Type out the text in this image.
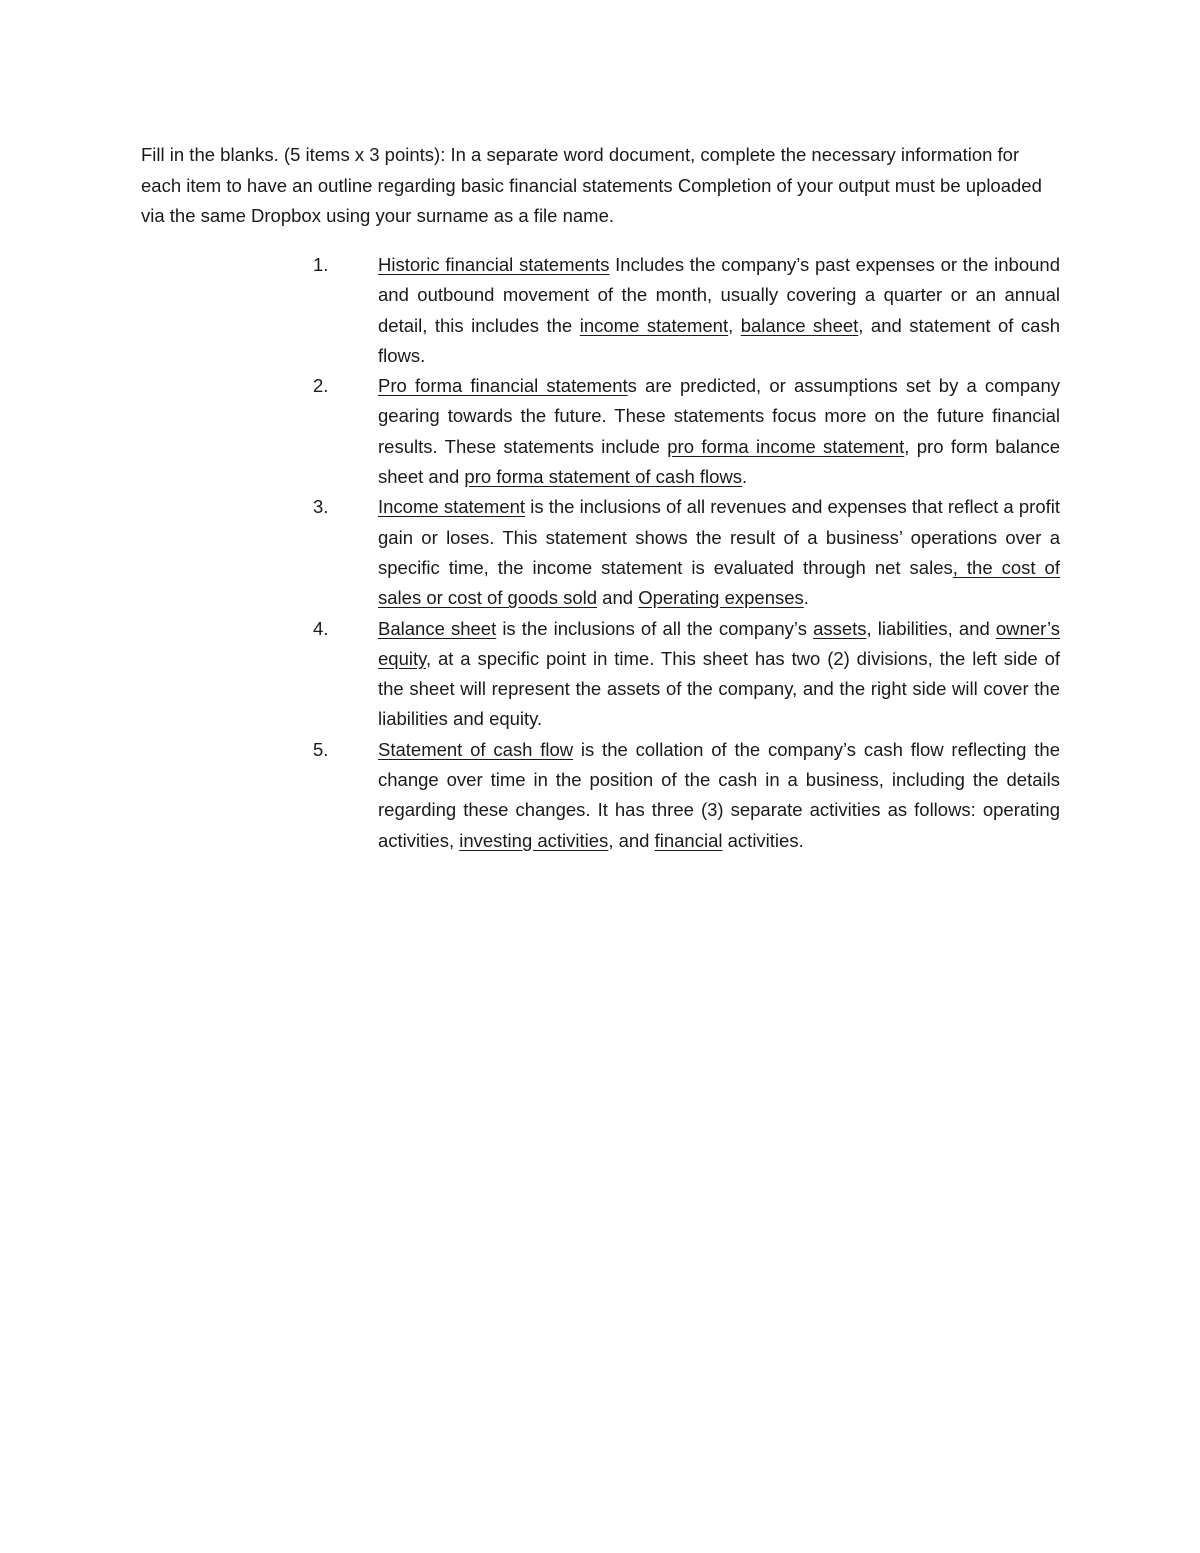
Fill in the blanks. (5 items x 3 points): In a separate word document, complete the necessary information for each item to have an outline regarding basic financial statements Completion of your output must be uploaded via the same Dropbox using your surname as a file name.

1.	Historic financial statements Includes the company’s past expenses or the inbound and outbound movement of the month, usually covering a quarter or an annual detail, this includes the income statement, balance sheet, and statement of cash flows.
2.	Pro forma financial statements are predicted, or assumptions set by a company gearing towards the future. These statements focus more on the future financial results. These statements include pro forma income statement, pro form balance sheet and pro forma statement of cash flows.
3.	Income statement is the inclusions of all revenues and expenses that reflect a profit gain or loses. This statement shows the result of a business’ operations over a specific time, the income statement is evaluated through net sales, the cost of sales or cost of goods sold and Operating expenses.
4.	Balance sheet is the inclusions of all the company’s assets, liabilities, and owner’s equity, at a specific point in time. This sheet has two (2) divisions, the left side of the sheet will represent the assets of the company, and the right side will cover the liabilities and equity.
5.	Statement of cash flow is the collation of the company’s cash flow reflecting the change over time in the position of the cash in a business, including the details regarding these changes. It has three (3) separate activities as follows: operating activities, investing activities, and financial activities.
